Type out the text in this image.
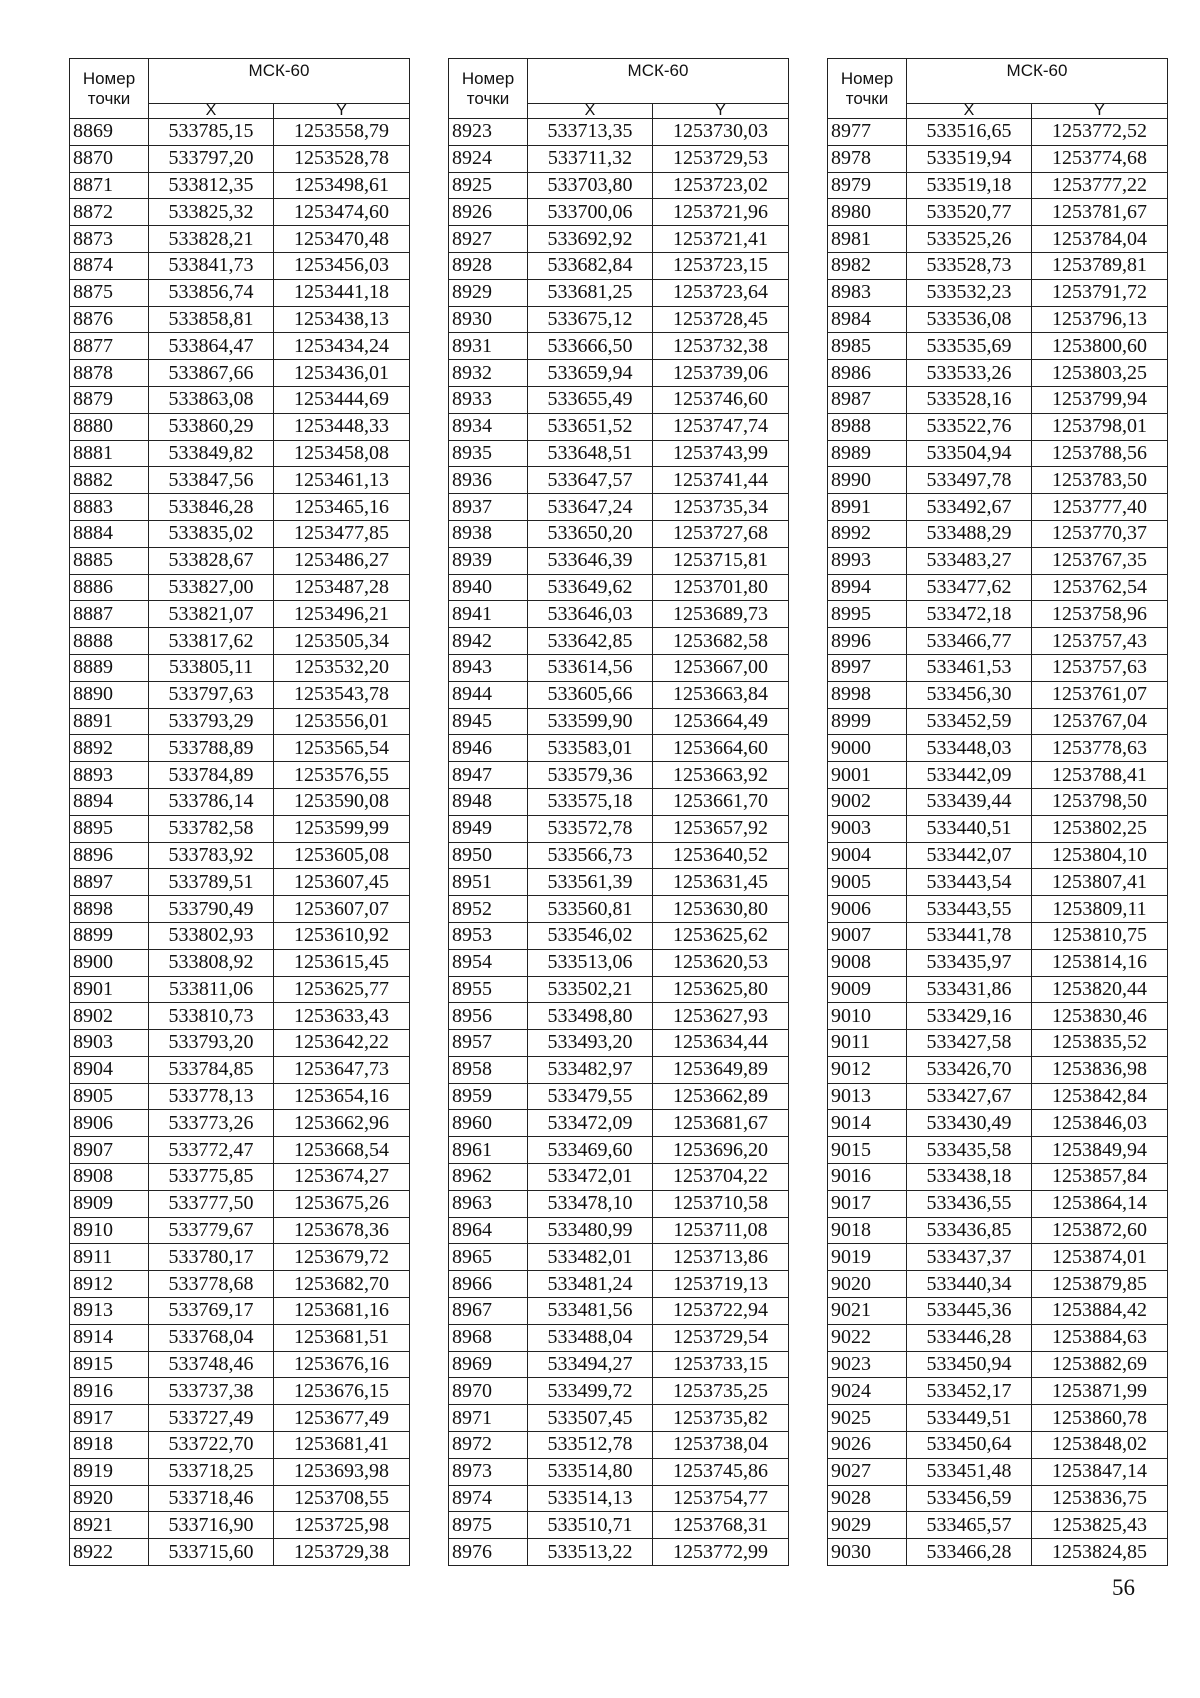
Номер точки	МСК-60	
	X	Y
8869	533785,15	1253558,79
8870	533797,20	1253528,78
8871	533812,35	1253498,61
8872	533825,32	1253474,60
8873	533828,21	1253470,48
8874	533841,73	1253456,03
8875	533856,74	1253441,18
8876	533858,81	1253438,13
8877	533864,47	1253434,24
8878	533867,66	1253436,01
8879	533863,08	1253444,69
8880	533860,29	1253448,33
8881	533849,82	1253458,08
8882	533847,56	1253461,13
8883	533846,28	1253465,16
8884	533835,02	1253477,85
8885	533828,67	1253486,27
8886	533827,00	1253487,28
8887	533821,07	1253496,21
8888	533817,62	1253505,34
8889	533805,11	1253532,20
8890	533797,63	1253543,78
8891	533793,29	1253556,01
8892	533788,89	1253565,54
8893	533784,89	1253576,55
8894	533786,14	1253590,08
8895	533782,58	1253599,99
8896	533783,92	1253605,08
8897	533789,51	1253607,45
8898	533790,49	1253607,07
8899	533802,93	1253610,92
8900	533808,92	1253615,45
8901	533811,06	1253625,77
8902	533810,73	1253633,43
8903	533793,20	1253642,22
8904	533784,85	1253647,73
8905	533778,13	1253654,16
8906	533773,26	1253662,96
8907	533772,47	1253668,54
8908	533775,85	1253674,27
8909	533777,50	1253675,26
8910	533779,67	1253678,36
8911	533780,17	1253679,72
8912	533778,68	1253682,70
8913	533769,17	1253681,16
8914	533768,04	1253681,51
8915	533748,46	1253676,16
8916	533737,38	1253676,15
8917	533727,49	1253677,49
8918	533722,70	1253681,41
8919	533718,25	1253693,98
8920	533718,46	1253708,55
8921	533716,90	1253725,98
8922	533715,60	1253729,38
Номер точки	МСК-60	
	X	Y
8923	533713,35	1253730,03
8924	533711,32	1253729,53
8925	533703,80	1253723,02
8926	533700,06	1253721,96
8927	533692,92	1253721,41
8928	533682,84	1253723,15
8929	533681,25	1253723,64
8930	533675,12	1253728,45
8931	533666,50	1253732,38
8932	533659,94	1253739,06
8933	533655,49	1253746,60
8934	533651,52	1253747,74
8935	533648,51	1253743,99
8936	533647,57	1253741,44
8937	533647,24	1253735,34
8938	533650,20	1253727,68
8939	533646,39	1253715,81
8940	533649,62	1253701,80
8941	533646,03	1253689,73
8942	533642,85	1253682,58
8943	533614,56	1253667,00
8944	533605,66	1253663,84
8945	533599,90	1253664,49
8946	533583,01	1253664,60
8947	533579,36	1253663,92
8948	533575,18	1253661,70
8949	533572,78	1253657,92
8950	533566,73	1253640,52
8951	533561,39	1253631,45
8952	533560,81	1253630,80
8953	533546,02	1253625,62
8954	533513,06	1253620,53
8955	533502,21	1253625,80
8956	533498,80	1253627,93
8957	533493,20	1253634,44
8958	533482,97	1253649,89
8959	533479,55	1253662,89
8960	533472,09	1253681,67
8961	533469,60	1253696,20
8962	533472,01	1253704,22
8963	533478,10	1253710,58
8964	533480,99	1253711,08
8965	533482,01	1253713,86
8966	533481,24	1253719,13
8967	533481,56	1253722,94
8968	533488,04	1253729,54
8969	533494,27	1253733,15
8970	533499,72	1253735,25
8971	533507,45	1253735,82
8972	533512,78	1253738,04
8973	533514,80	1253745,86
8974	533514,13	1253754,77
8975	533510,71	1253768,31
8976	533513,22	1253772,99
Номер точки	МСК-60	
	X	Y
8977	533516,65	1253772,52
8978	533519,94	1253774,68
8979	533519,18	1253777,22
8980	533520,77	1253781,67
8981	533525,26	1253784,04
8982	533528,73	1253789,81
8983	533532,23	1253791,72
8984	533536,08	1253796,13
8985	533535,69	1253800,60
8986	533533,26	1253803,25
8987	533528,16	1253799,94
8988	533522,76	1253798,01
8989	533504,94	1253788,56
8990	533497,78	1253783,50
8991	533492,67	1253777,40
8992	533488,29	1253770,37
8993	533483,27	1253767,35
8994	533477,62	1253762,54
8995	533472,18	1253758,96
8996	533466,77	1253757,43
8997	533461,53	1253757,63
8998	533456,30	1253761,07
8999	533452,59	1253767,04
9000	533448,03	1253778,63
9001	533442,09	1253788,41
9002	533439,44	1253798,50
9003	533440,51	1253802,25
9004	533442,07	1253804,10
9005	533443,54	1253807,41
9006	533443,55	1253809,11
9007	533441,78	1253810,75
9008	533435,97	1253814,16
9009	533431,86	1253820,44
9010	533429,16	1253830,46
9011	533427,58	1253835,52
9012	533426,70	1253836,98
9013	533427,67	1253842,84
9014	533430,49	1253846,03
9015	533435,58	1253849,94
9016	533438,18	1253857,84
9017	533436,55	1253864,14
9018	533436,85	1253872,60
9019	533437,37	1253874,01
9020	533440,34	1253879,85
9021	533445,36	1253884,42
9022	533446,28	1253884,63
9023	533450,94	1253882,69
9024	533452,17	1253871,99
9025	533449,51	1253860,78
9026	533450,64	1253848,02
9027	533451,48	1253847,14
9028	533456,59	1253836,75
9029	533465,57	1253825,43
9030	533466,28	1253824,85
56
